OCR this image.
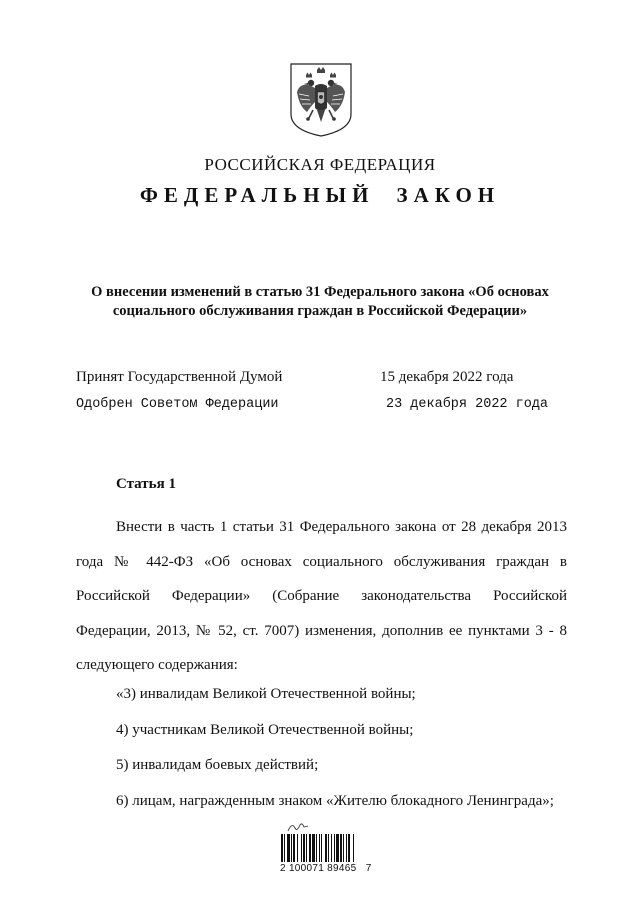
РОССИЙСКАЯ ФЕДЕРАЦИЯ
ФЕДЕРАЛЬНЫЙ ЗАКОН
О внесении изменений в статью 31 Федерального закона «Об основах
социального обслуживания граждан в Российской Федерации»
Принят Государственной Думой	15 декабря 2022 года
Одобрен Советом Федерации	23 декабря 2022 года
Статья 1

Внести в часть 1 статьи 31 Федерального закона от 28 декабря 2013 года № 442-ФЗ «Об основах социального обслуживания граждан в Российской Федерации» (Собрание законодательства Российской Федерации, 2013, № 52, ст. 7007) изменения, дополнив ее пунктами 3 - 8 следующего содержания:

«3) инвалидам Великой Отечественной войны;
4) участникам Великой Отечественной войны;
5) инвалидам боевых действий;
6) лицам, награжденным знаком «Жителю блокадного Ленинграда»;
2 100071 89465   7
